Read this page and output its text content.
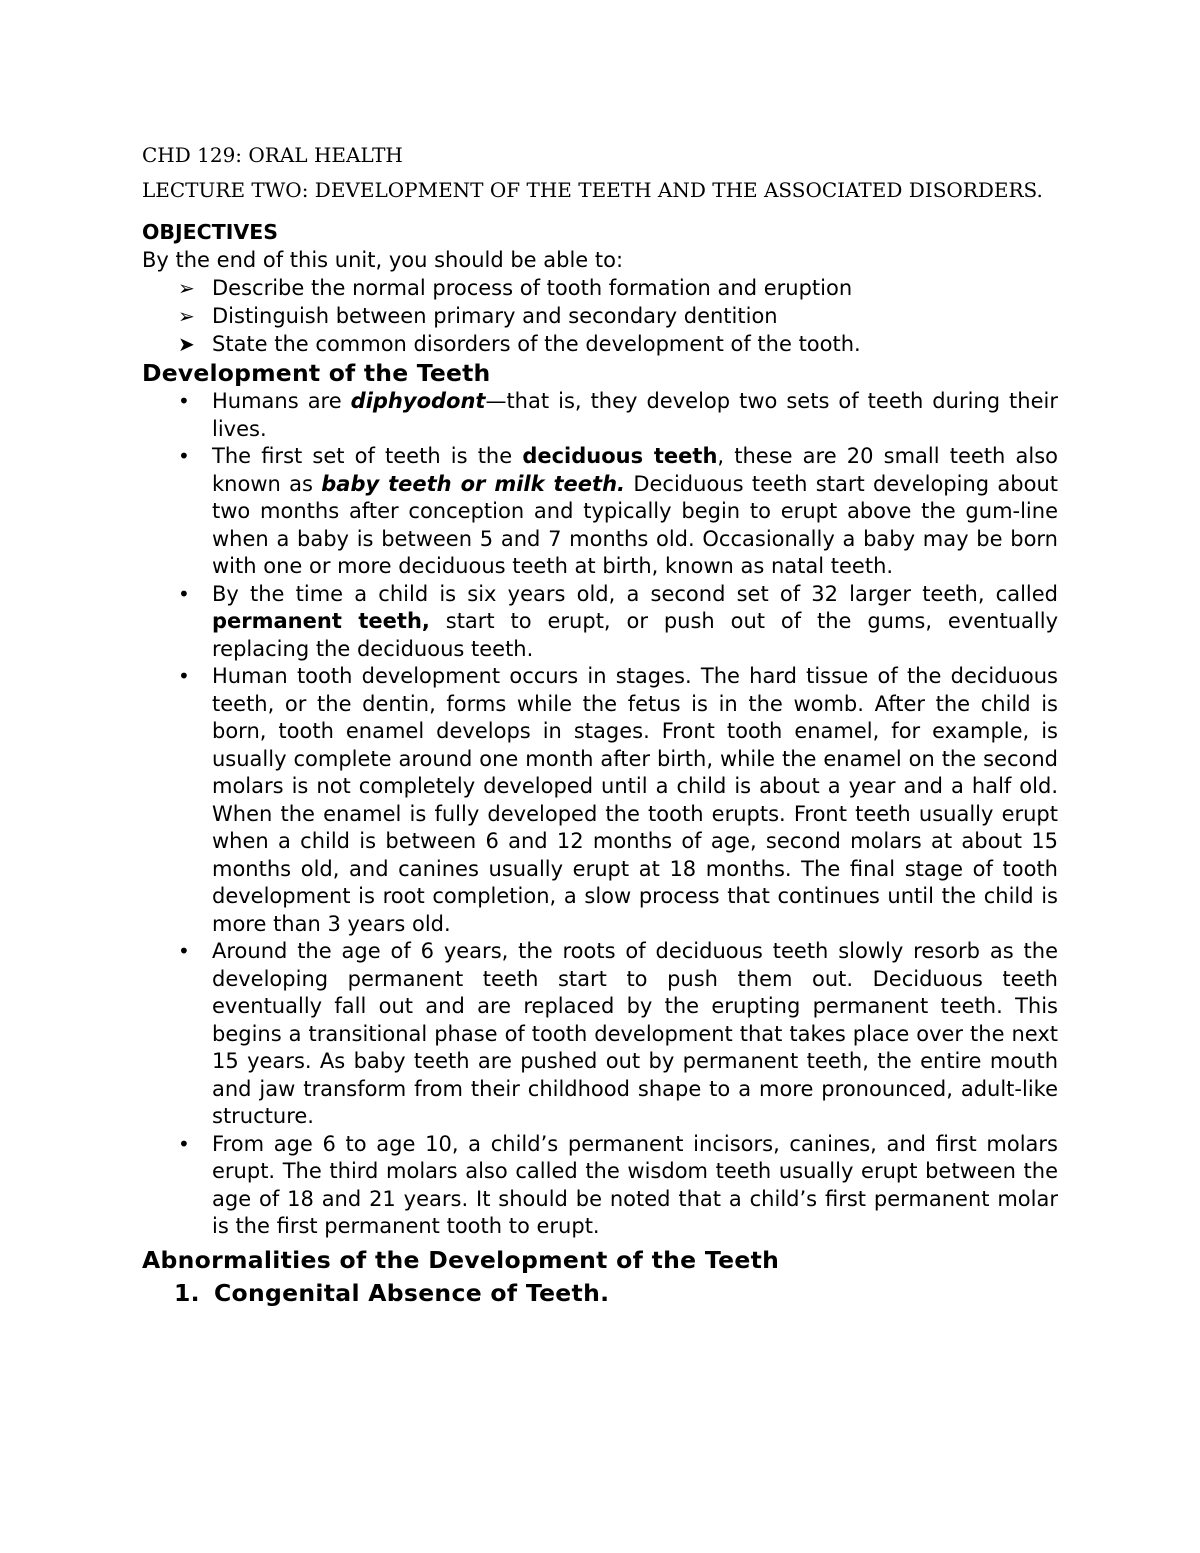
CHD 129: ORAL HEALTH

LECTURE TWO: DEVELOPMENT OF THE TEETH AND THE ASSOCIATED DISORDERS.

OBJECTIVES
By the end of this unit, you should be able to:
➢ Describe the normal process of tooth formation and eruption
➢ Distinguish between primary and secondary dentition
➤ State the common disorders of the development of the tooth.
Development of the Teeth
• Humans are diphyodont—that is, they develop two sets of teeth during their lives.
• The first set of teeth is the deciduous teeth, these are 20 small teeth also known as baby teeth or milk teeth. Deciduous teeth start developing about two months after conception and typically begin to erupt above the gum-line when a baby is between 5 and 7 months old. Occasionally a baby may be born with one or more deciduous teeth at birth, known as natal teeth.
• By the time a child is six years old, a second set of 32 larger teeth, called permanent teeth, start to erupt, or push out of the gums, eventually replacing the deciduous teeth.
• Human tooth development occurs in stages. The hard tissue of the deciduous teeth, or the dentin, forms while the fetus is in the womb. After the child is born, tooth enamel develops in stages. Front tooth enamel, for example, is usually complete around one month after birth, while the enamel on the second molars is not completely developed until a child is about a year and a half old. When the enamel is fully developed the tooth erupts. Front teeth usually erupt when a child is between 6 and 12 months of age, second molars at about 15 months old, and canines usually erupt at 18 months. The final stage of tooth development is root completion, a slow process that continues until the child is more than 3 years old.
• Around the age of 6 years, the roots of deciduous teeth slowly resorb as the developing permanent teeth start to push them out. Deciduous teeth eventually fall out and are replaced by the erupting permanent teeth. This begins a transitional phase of tooth development that takes place over the next 15 years. As baby teeth are pushed out by permanent teeth, the entire mouth and jaw transform from their childhood shape to a more pronounced, adult-like structure.
• From age 6 to age 10, a child’s permanent incisors, canines, and first molars erupt. The third molars also called the wisdom teeth usually erupt between the age of 18 and 21 years. It should be noted that a child’s first permanent molar is the first permanent tooth to erupt.
Abnormalities of the Development of the Teeth
1. Congenital Absence of Teeth.
